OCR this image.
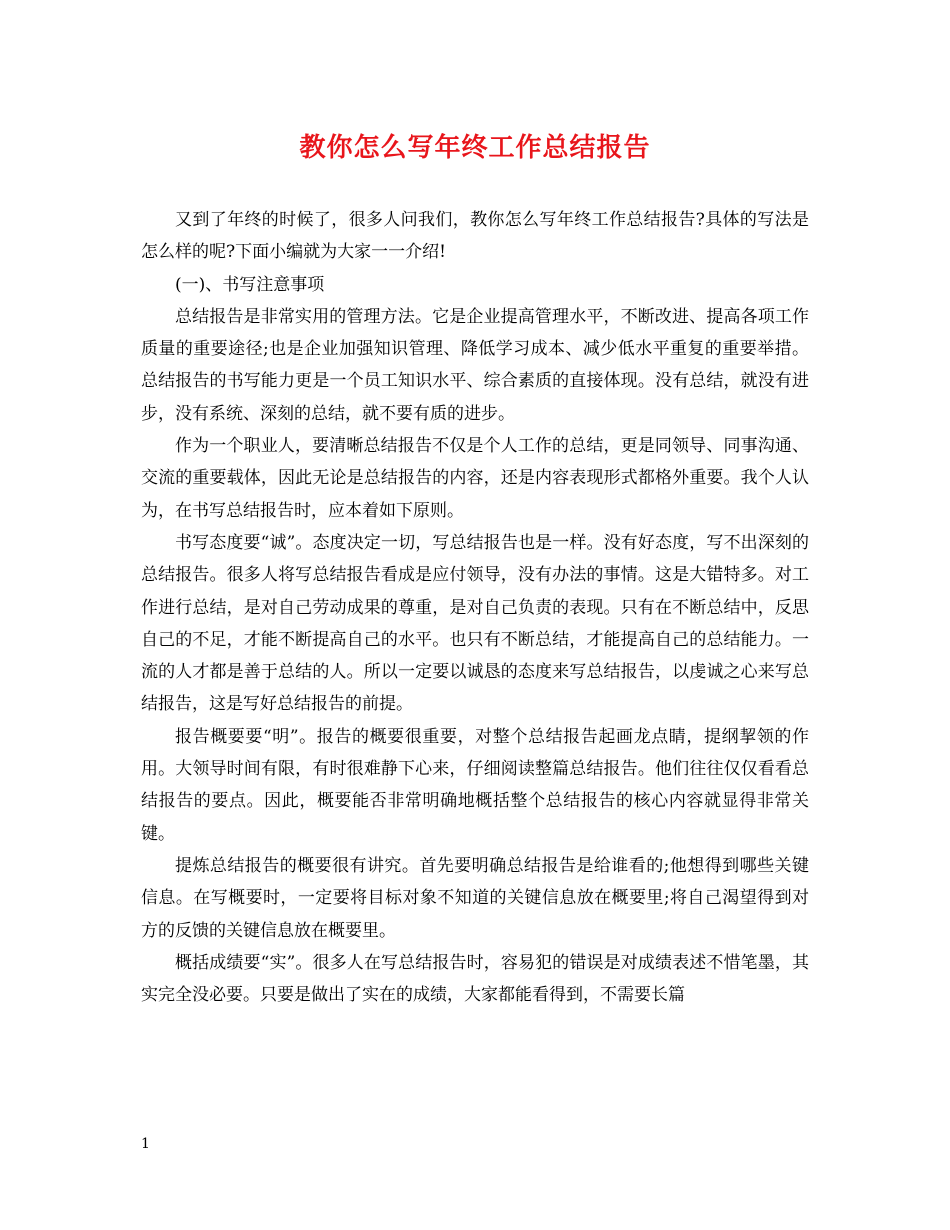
教你怎么写年终工作总结报告

又到了年终的时候了，很多人问我们，教你怎么写年终工作总结报告?具体的写法是怎么样的呢?下面小编就为大家一一介绍!

(一)、书写注意事项

总结报告是非常实用的管理方法。它是企业提高管理水平，不断改进、提高各项工作质量的重要途径;也是企业加强知识管理、降低学习成本、减少低水平重复的重要举措。总结报告的书写能力更是一个员工知识水平、综合素质的直接体现。没有总结，就没有进步，没有系统、深刻的总结，就不要有质的进步。

作为一个职业人，要清晰总结报告不仅是个人工作的总结，更是同领导、同事沟通、交流的重要载体，因此无论是总结报告的内容，还是内容表现形式都格外重要。我个人认为，在书写总结报告时，应本着如下原则。

书写态度要“诚”。态度决定一切，写总结报告也是一样。没有好态度，写不出深刻的总结报告。很多人将写总结报告看成是应付领导，没有办法的事情。这是大错特多。对工作进行总结，是对自己劳动成果的尊重，是对自己负责的表现。只有在不断总结中，反思自己的不足，才能不断提高自己的水平。也只有不断总结，才能提高自己的总结能力。一流的人才都是善于总结的人。所以一定要以诚恳的态度来写总结报告，以虔诚之心来写总结报告，这是写好总结报告的前提。

报告概要要“明”。报告的概要很重要，对整个总结报告起画龙点睛，提纲挈领的作用。大领导时间有限，有时很难静下心来，仔细阅读整篇总结报告。他们往往仅仅看看总结报告的要点。因此，概要能否非常明确地概括整个总结报告的核心内容就显得非常关键。

提炼总结报告的概要很有讲究。首先要明确总结报告是给谁看的;他想得到哪些关键信息。在写概要时，一定要将目标对象不知道的关键信息放在概要里;将自己渴望得到对方的反馈的关键信息放在概要里。

概括成绩要“实”。很多人在写总结报告时，容易犯的错误是对成绩表述不惜笔墨，其实完全没必要。只要是做出了实在的成绩，大家都能看得到，不需要长篇

1
